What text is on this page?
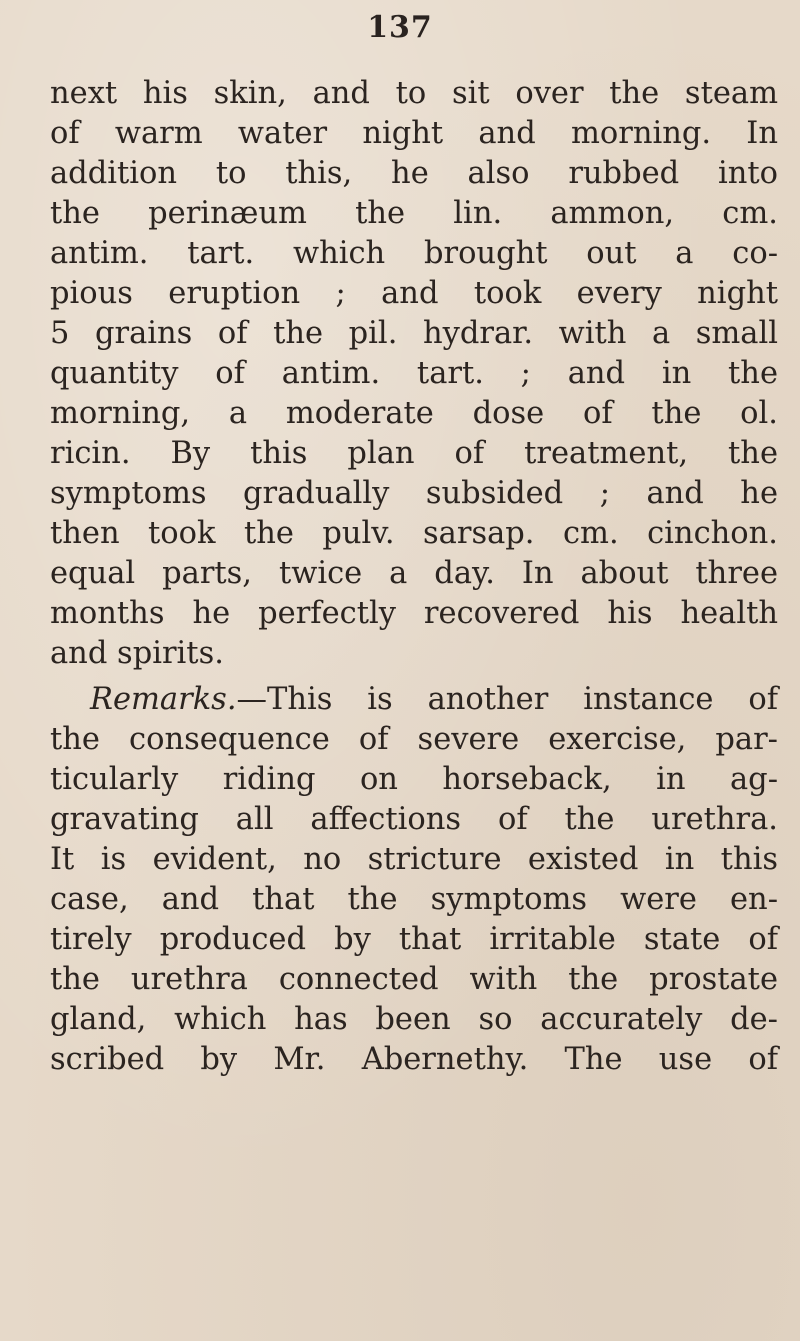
137
next his skin, and to sit over the steam
of warm water night and morning. In
addition to this, he also rubbed into
the perinæum the lin. ammon, cm.
antim. tart. which brought out a co-
pious eruption ; and took every night
5 grains of the pil. hydrar. with a small
quantity of antim. tart. ; and in the
morning, a moderate dose of the ol.
ricin. By this plan of treatment, the
symptoms gradually subsided ; and he
then took the pulv. sarsap. cm. cinchon.
equal parts, twice a day. In about three
months he perfectly recovered his health
and spirits.
Remarks.—This is another instance of
the consequence of severe exercise, par-
ticularly riding on horseback, in ag-
gravating all affections of the urethra.
It is evident, no stricture existed in this
case, and that the symptoms were en-
tirely produced by that irritable state of
the urethra connected with the prostate
gland, which has been so accurately de-
scribed by Mr. Abernethy. The use of
